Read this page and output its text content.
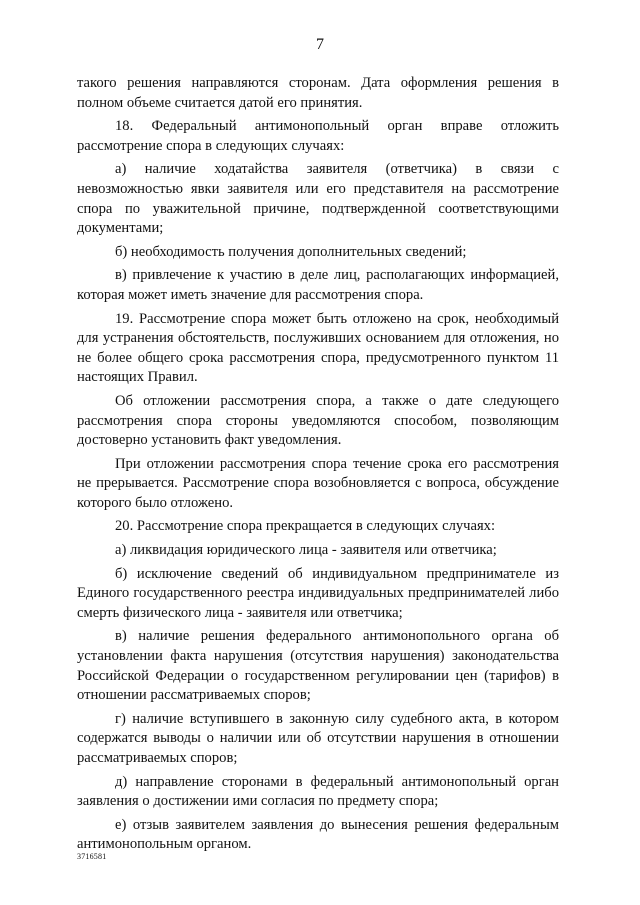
7

такого решения направляются сторонам. Дата оформления решения в полном объеме считается датой его принятия.

18. Федеральный антимонопольный орган вправе отложить рассмотрение спора в следующих случаях:

а) наличие ходатайства заявителя (ответчика) в связи с невозможностью явки заявителя или его представителя на рассмотрение спора по уважительной причине, подтвержденной соответствующими документами;

б) необходимость получения дополнительных сведений;

в) привлечение к участию в деле лиц, располагающих информацией, которая может иметь значение для рассмотрения спора.

19. Рассмотрение спора может быть отложено на срок, необходимый для устранения обстоятельств, послуживших основанием для отложения, но не более общего срока рассмотрения спора, предусмотренного пунктом 11 настоящих Правил.

Об отложении рассмотрения спора, а также о дате следующего рассмотрения спора стороны уведомляются способом, позволяющим достоверно установить факт уведомления.

При отложении рассмотрения спора течение срока его рассмотрения не прерывается. Рассмотрение спора возобновляется с вопроса, обсуждение которого было отложено.

20. Рассмотрение спора прекращается в следующих случаях:

а) ликвидация юридического лица - заявителя или ответчика;

б) исключение сведений об индивидуальном предпринимателе из Единого государственного реестра индивидуальных предпринимателей либо смерть физического лица - заявителя или ответчика;

в) наличие решения федерального антимонопольного органа об установлении факта нарушения (отсутствия нарушения) законодательства Российской Федерации о государственном регулировании цен (тарифов) в отношении рассматриваемых споров;

г) наличие вступившего в законную силу судебного акта, в котором содержатся выводы о наличии или об отсутствии нарушения в отношении рассматриваемых споров;

д) направление сторонами в федеральный антимонопольный орган заявления о достижении ими согласия по предмету спора;

е) отзыв заявителем заявления до вынесения решения федеральным антимонопольным органом.

3716581
